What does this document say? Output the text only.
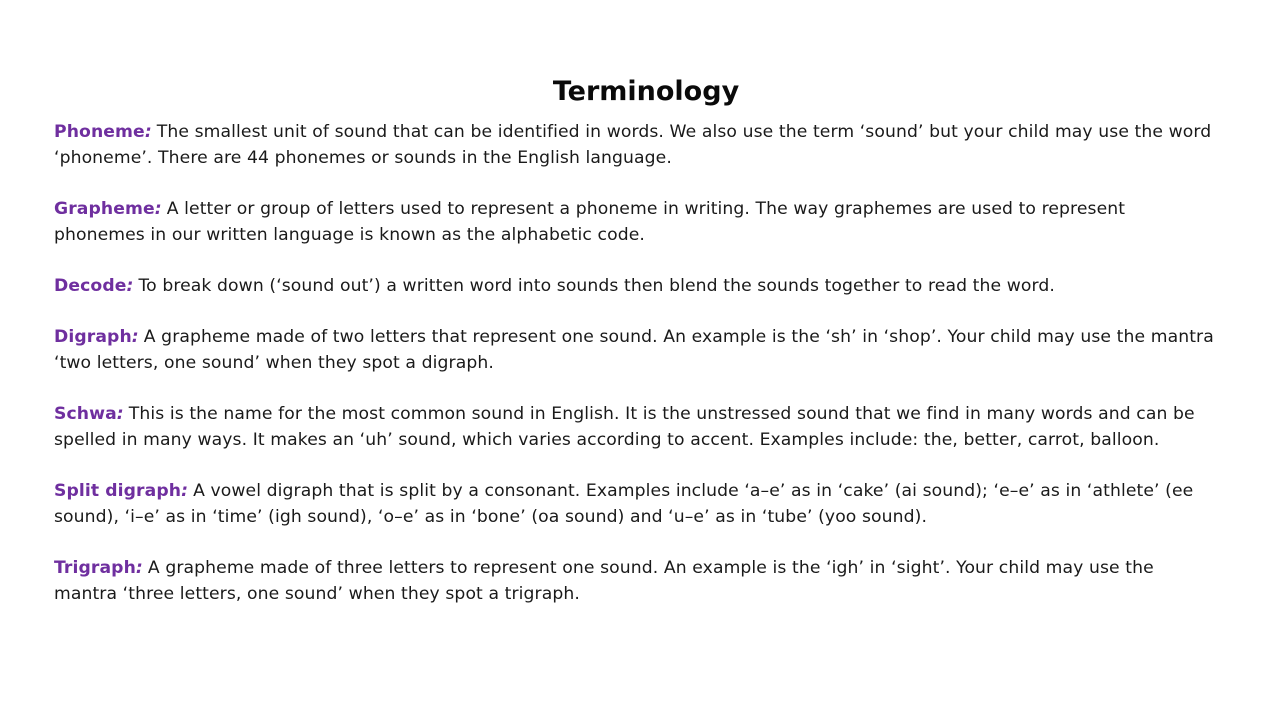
Terminology

Phoneme: The smallest unit of sound that can be identified in words. We also use the term ‘sound’ but your child may use the word ‘phoneme’. There are 44 phonemes or sounds in the English language.

Grapheme: A letter or group of letters used to represent a phoneme in writing. The way graphemes are used to represent phonemes in our written language is known as the alphabetic code.

Decode: To break down (‘sound out’) a written word into sounds then blend the sounds together to read the word.

Digraph: A grapheme made of two letters that represent one sound. An example is the ‘sh’ in ‘shop’. Your child may use the mantra ‘two letters, one sound’ when they spot a digraph.

Schwa: This is the name for the most common sound in English. It is the unstressed sound that we find in many words and can be spelled in many ways. It makes an ‘uh’ sound, which varies according to accent. Examples include: the, better, carrot, balloon.

Split digraph: A vowel digraph that is split by a consonant. Examples include ‘a–e’ as in ‘cake’ (ai sound); ‘e–e’ as in ‘athlete’ (ee sound), ‘i–e’ as in ‘time’ (igh sound), ‘o–e’ as in ‘bone’ (oa sound) and ‘u–e’ as in ‘tube’ (yoo sound).

Trigraph: A grapheme made of three letters to represent one sound. An example is the ‘igh’ in ‘sight’. Your child may use the mantra ‘three letters, one sound’ when they spot a trigraph.
